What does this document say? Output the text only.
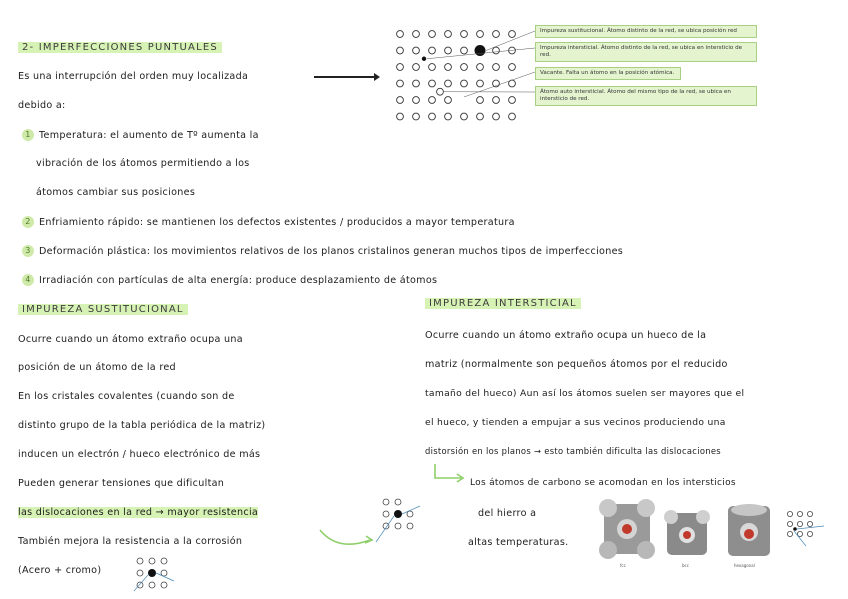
2- IMPERFECCIONES PUNTUALES
Es una interrupción del orden muy localizada
debido a:
1 Temperatura: el aumento de Tº aumenta la
vibración de los átomos permitiendo a los
átomos cambiar sus posiciones
2 Enfriamiento rápido: se mantienen los defectos existentes / producidos a mayor temperatura
3 Deformación plástica: los movimientos relativos de los planos cristalinos generan muchos tipos de imperfecciones
4 Irradiación con partículas de alta energía: produce desplazamiento de átomos
Impureza sustitucional. Átomo distinto de la red, se ubica posición red
Impureza intersticial. Átomo distinto de la red, se ubica en intersticio de red.
Vacante. Falta un átomo en la posición atómica.
Átomo auto intersticial. Átomo del mismo tipo de la red, se ubica en intersticio de red.
IMPUREZA SUSTITUCIONAL
Ocurre cuando un átomo extraño ocupa una
posición de un átomo de la red
En los cristales covalentes (cuando son de
distinto grupo de la tabla periódica de la matriz)
inducen un electrón / hueco electrónico de más
Pueden generar tensiones que dificultan
las dislocaciones en la red → mayor resistencia
También mejora la resistencia a la corrosión
(Acero + cromo)
IMPUREZA INTERSTICIAL
Ocurre cuando un átomo extraño ocupa un hueco de la
matriz (normalmente son pequeños átomos por el reducido
tamaño del hueco) Aun así los átomos suelen ser mayores que el
el hueco, y tienden a empujar a sus vecinos produciendo una
distorsión en los planos → esto también dificulta las dislocaciones
Los átomos de carbono se acomodan en los intersticios
del hierro a
altas temperaturas.
fcc	bcc	hexagonal
